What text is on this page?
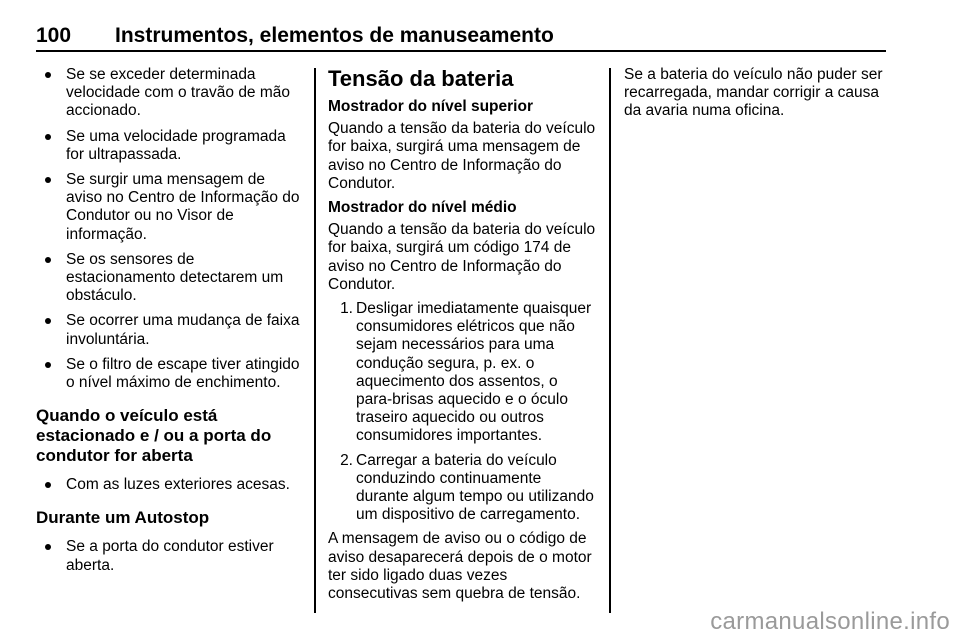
100 Instrumentos, elementos de manuseamento
Se se exceder determinada velocidade com o travão de mão accionado.
Se uma velocidade programada for ultrapassada.
Se surgir uma mensagem de aviso no Centro de Informação do Condutor ou no Visor de informação.
Se os sensores de estacionamento detectarem um obstáculo.
Se ocorrer uma mudança de faixa involuntária.
Se o filtro de escape tiver atingido o nível máximo de enchimento.
Quando o veículo está estacionado e / ou a porta do condutor for aberta
Com as luzes exteriores acesas.
Durante um Autostop
Se a porta do condutor estiver aberta.
Tensão da bateria
Mostrador do nível superior

Quando a tensão da bateria do veículo for baixa, surgirá uma mensagem de aviso no Centro de Informação do Condutor.

Mostrador do nível médio

Quando a tensão da bateria do veículo for baixa, surgirá um código 174 de aviso no Centro de Informação do Condutor.

1. Desligar imediatamente quaisquer consumidores elétricos que não sejam necessários para uma condução segura, p. ex. o aquecimento dos assentos, o para-brisas aquecido e o óculo traseiro aquecido ou outros consumidores importantes.
2. Carregar a bateria do veículo conduzindo continuamente durante algum tempo ou utilizando um dispositivo de carregamento.

A mensagem de aviso ou o código de aviso desaparecerá depois de o motor ter sido ligado duas vezes consecutivas sem quebra de tensão.

Se a bateria do veículo não puder ser recarregada, mandar corrigir a causa da avaria numa oficina.

carmanualsonline.info
